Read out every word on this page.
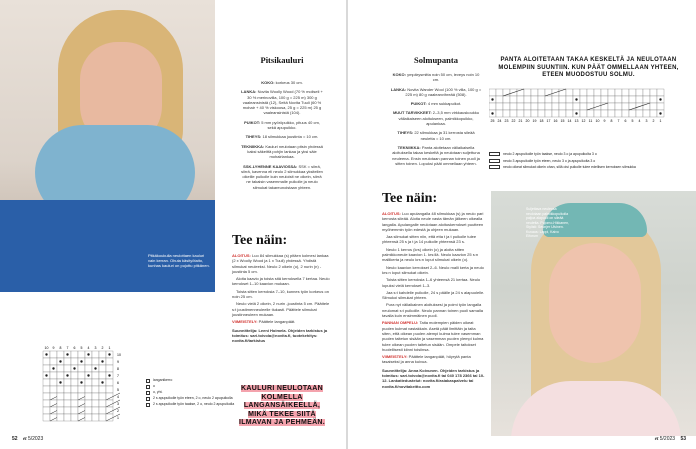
Pitkäkoukulla neulottaen kauluri vain kerran. Ohuta käsityötaito, kunhas kauluri on pujottu pitkänen.
Pitsikauluri
KOKO: korkeus 30 cm.
LANKA: Novita Woolly Wood (70 % moliseli + 30 % merinovilla, 100 g = 225 m) 300 g vaaleansinistä (12), Seitä Novita Tuuli (60 % mohair + 40 % viskoosa, 25 g = 225 m) 25 g vaaleansinistä (104).
PUIKOT: 5 mm pyöröpuikko, pituus 40 cm, sekä apupuikko.
TIHEYS: 18 silmukkaa joustinta = 10 cm.
TEKNIIKKA: Kauluri neulotaan pitsin yhdessä kaksi säkeittä pohjin lankaa ja yksi säie mohairlankaa.
SSK-LYHENNE KAAVIOSSA: SSK = siirrä, siirrä, kavenna eli neulo 2 silmukkaa yksitellen oikeille puikolle kuin neuloisit ne oikein, siirrä ne takaisin vasemmalle puikolle ja neulo silmukat takareunoistaan yhteen.
Tee näin:
ALOITUS: Luo 84 silmukkaa (s) pitäen kolmesi lankaa (2 x Woolly Wood ja 1 x Tuuli) yhdessä. Yhdistä silmukat neuleeksi. Neulo 2 oikein (o), 2 nurin (n) -joustinta 5 cm.
Aloita kaavio ja toista sitä kerroksella 7 kertaa. Neulo kerrokset 1–10 kaavion mukaan.
Toista sitten kerroksia 7–10, kunnes työn korkeus on noin 25 cm.
Neulo vielä 2 oikein, 2 nurin -joustinta 5 cm. Päättele s:t joustimenneuleelle tiukasti. Päättele silmukat joustinneuleen mukaan.
VIIMEISTELY: Päättele langanpäät.
Suunnittelija: Leeni Hoimela. Ohjeiden tarkistus ja toimitus: sari.toivola@novita.fi, tuotekehitys: novita.fi/tarkistus
KAULURI NEULOTAAN KOLMELLA LANGANSÄIKEELLÄ, MIKÄ TEKEE SIITÄ ILMAVAN JA PEHMEÄN.
10 9 8 7 6 5 4 3 2 1
10
9
8
7
6
5
4
3
2
1
langanikerro
o
o, yht.
2 s apupuikolle työn eteen, 2 o, neulo 2 apupuikolla
2 s apupuikolle työn taakse, 2 o, neulo 2 apupuikolla
52 et 5/2023
Solmupanta
KOKO: ympärysmitta noin 50 cm, leveys noin 10 cm.
LANKA: Novita Wander Wool (100 % villa, 100 g = 225 m) 80 g vaaleanvihreää (508).
PUIKOT: 4 mm sukkapuikot.
MUUT TARVIKKEET: 2–3,5 mm virkkauskoukku väliaikaiseen aloitukseen, palmikkopuikko, apulankaa.
TIHEYS: 22 silmukkaa ja 31 kerrosta sileää neuletta = 10 cm.
TEKNIIKKA: Panta aloitetaan väliaikaisella aloituksella takaa keskeltä ja neulotaan suljettuna neuleena. Ensin neulotaan pannan toinen puoli ja sitten toinen. Lopuksi päät ommellaan yhteen.
Tee näin:
ALOITUS: Luo apulangalla 48 silmukkaa (s) ja neulo pari kerrosta sileää. Aloita neule vasta tämän jälkeen oikealla langalla. Apulangalle neulotaan aloituskerrokset puutteen myöhemmin työn edestä ja ohjeen mukaan.
Jaa silmukat sitten niin, että etta t ja t puikolle tulee yhteensä 25 s ja t ja 14 puikolle yhteensä 23 s.
Neulo 1 kerros (krs) oikein (o) ja aloita sitten palmikkoneule kaavion 1. krs:llä. Neulo kaavion 25 s:n mallikerta ja neulo krs:n loput silmukat oikein (o).
Neulo kaavion kerrokset 2–6. Neulo malli kerta ja neulo krs:n loput silmukat oikein.
Toista sitten kerroksia 1–6 yhteensä 21 kertaa. Neulo lopuksi vielä kerrokset 1–3.
Jaa s:t kahdelle puikolle, 24 s päälle ja 24 s alapuolelle. Silmukoi silmukat yhteen.
Pura nyt väliaikainen aloituksesi ja poimi työn langalla neulomat s:t puikoille. Neulo pannan toinen puoli samalla tavalla kuin ensimmäinen puoli.
PANNAN OMPELU: Taita molempien päiden oikeat puolen kulmat vastakkain. Asetä päät limittäin ja taita siten, että oikean puolen alempi kulma tulee vasemman puolen taitetun sisään ja vasemman puolen ylempi kulma tulee oikean puolen taitetun sisään. Ompele taitokset huolellisesti kiinni toisiinsa.
VIIMEISTELY: Päättele langanpäät, höyrytä panta tasaiseksi ja anna kuivua.
Suunnittelija: Anna Koivunen. Ohjeiden tarkistus ja toimitus: sari.toivola@novita.fi tai 040 178 2366 tai 10-12. Lankatiedustelut: novita.fi/asiakaspalvelu tai novita.fi/novitakeitto.com
PANTA ALOITETAAN TAKAA KESKELTÄ JA NEULOTAAN MOLEMPIIN SUUNTIIN. KUN PÄÄT OMMELLAAN YHTEEN, ETEEN MUODOSTUU SOLMU.
Suljettava neuleosa neulotaan palmikkopuikolla paljoa alapuoli on sileää neuletta. Pujomo-Hikkanen, Stylisti: Seunjer Ulvinen. Kuvaus: Lappi, Kaivo Eiforum
et 5/2023 53
25 24 23 22 21 20 19 18 17 16 15 14 13 12 11 10 9 8 7 6 5 4 3 2 1
neulo 2 apupuikolle työn taakse, neulo 3 o ja apupuikolta 3 o
neulo 3 apupuikolle työn eteen, neulo 3 o ja apupuikolta 3 o
neulo oikeat silmukat oikein ohan, sillä oisi puikolle tulee edellisen kerroksen silmukka
